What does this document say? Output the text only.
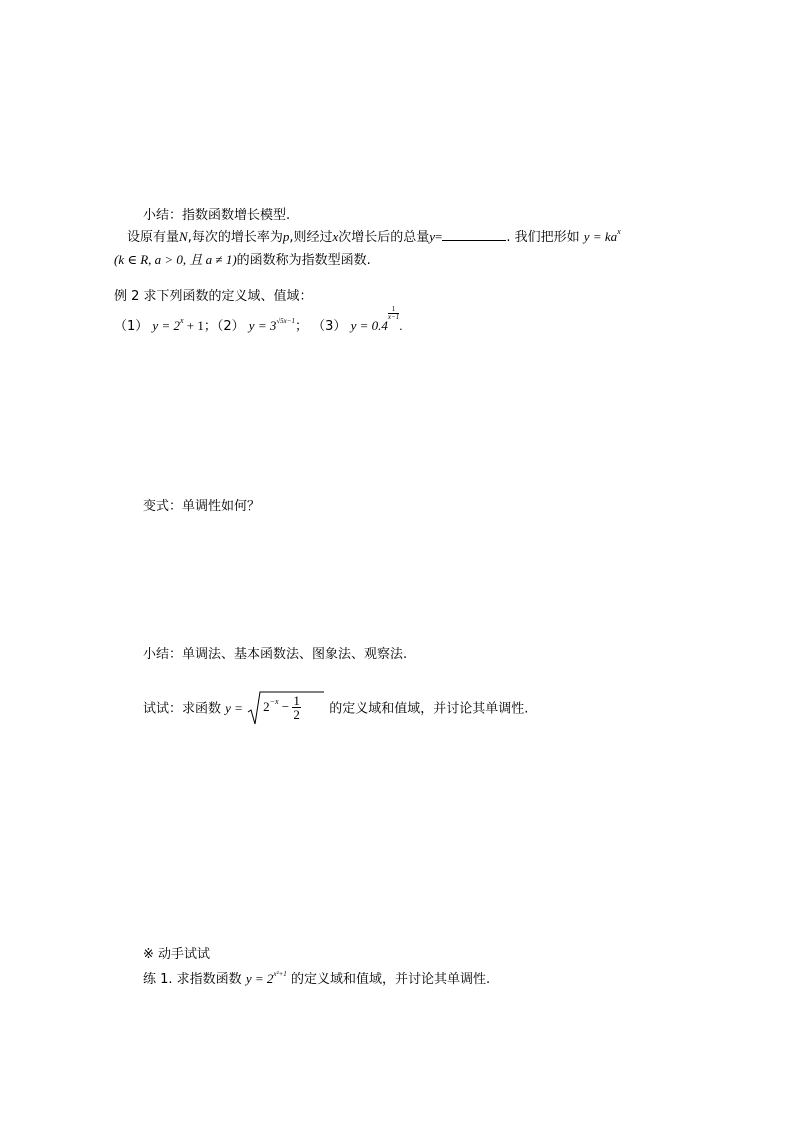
小结：指数函数增长模型.
设原有量N,每次的增长率为p,则经过x次增长后的总量y=	. 我们把形如 $y = ka^x$
(k ∈ R, a > 0, 且 a ≠ 1)的函数称为指数型函数.
例 2 求下列函数的定义域、值域：
（1） $y = 2^x + 1$；（2） $y = 3^{√5x-1}$； （3） y = 0.4
$\frac{1}{x-1}$
.
变式：单调性如何？
小结：单调法、基本函数法、图象法、观察法.
试试：求函数 $y = 2^{-x} - \frac{1}{2}$ 的定义域和值域，并讨论其单调性.
※ 动手试试
练 1. 求指数函数 $y = 2^{x^2+1}$ 的定义域和值域，并讨论其单调性.
